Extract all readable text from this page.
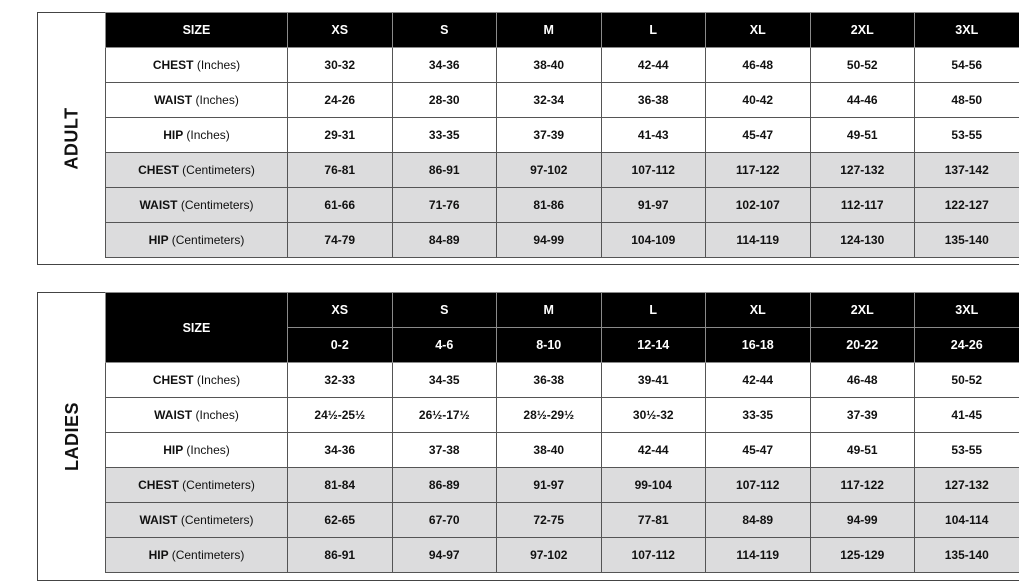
ADULT
SIZE	XS	S	M	L	XL	2XL	3XL
CHEST (Inches)	30-32	34-36	38-40	42-44	46-48	50-52	54-56
WAIST (Inches)	24-26	28-30	32-34	36-38	40-42	44-46	48-50
HIP (Inches)	29-31	33-35	37-39	41-43	45-47	49-51	53-55
CHEST (Centimeters)	76-81	86-91	97-102	107-112	117-122	127-132	137-142
WAIST (Centimeters)	61-66	71-76	81-86	91-97	102-107	112-117	122-127
HIP (Centimeters)	74-79	84-89	94-99	104-109	114-119	124-130	135-140
LADIES
SIZE	XS	S	M	L	XL	2XL	3XL
	0-2	4-6	8-10	12-14	16-18	20-22	24-26
CHEST (Inches)	32-33	34-35	36-38	39-41	42-44	46-48	50-52
WAIST (Inches)	24½-25½	26½-17½	28½-29½	30½-32	33-35	37-39	41-45
HIP (Inches)	34-36	37-38	38-40	42-44	45-47	49-51	53-55
CHEST (Centimeters)	81-84	86-89	91-97	99-104	107-112	117-122	127-132
WAIST (Centimeters)	62-65	67-70	72-75	77-81	84-89	94-99	104-114
HIP (Centimeters)	86-91	94-97	97-102	107-112	114-119	125-129	135-140
